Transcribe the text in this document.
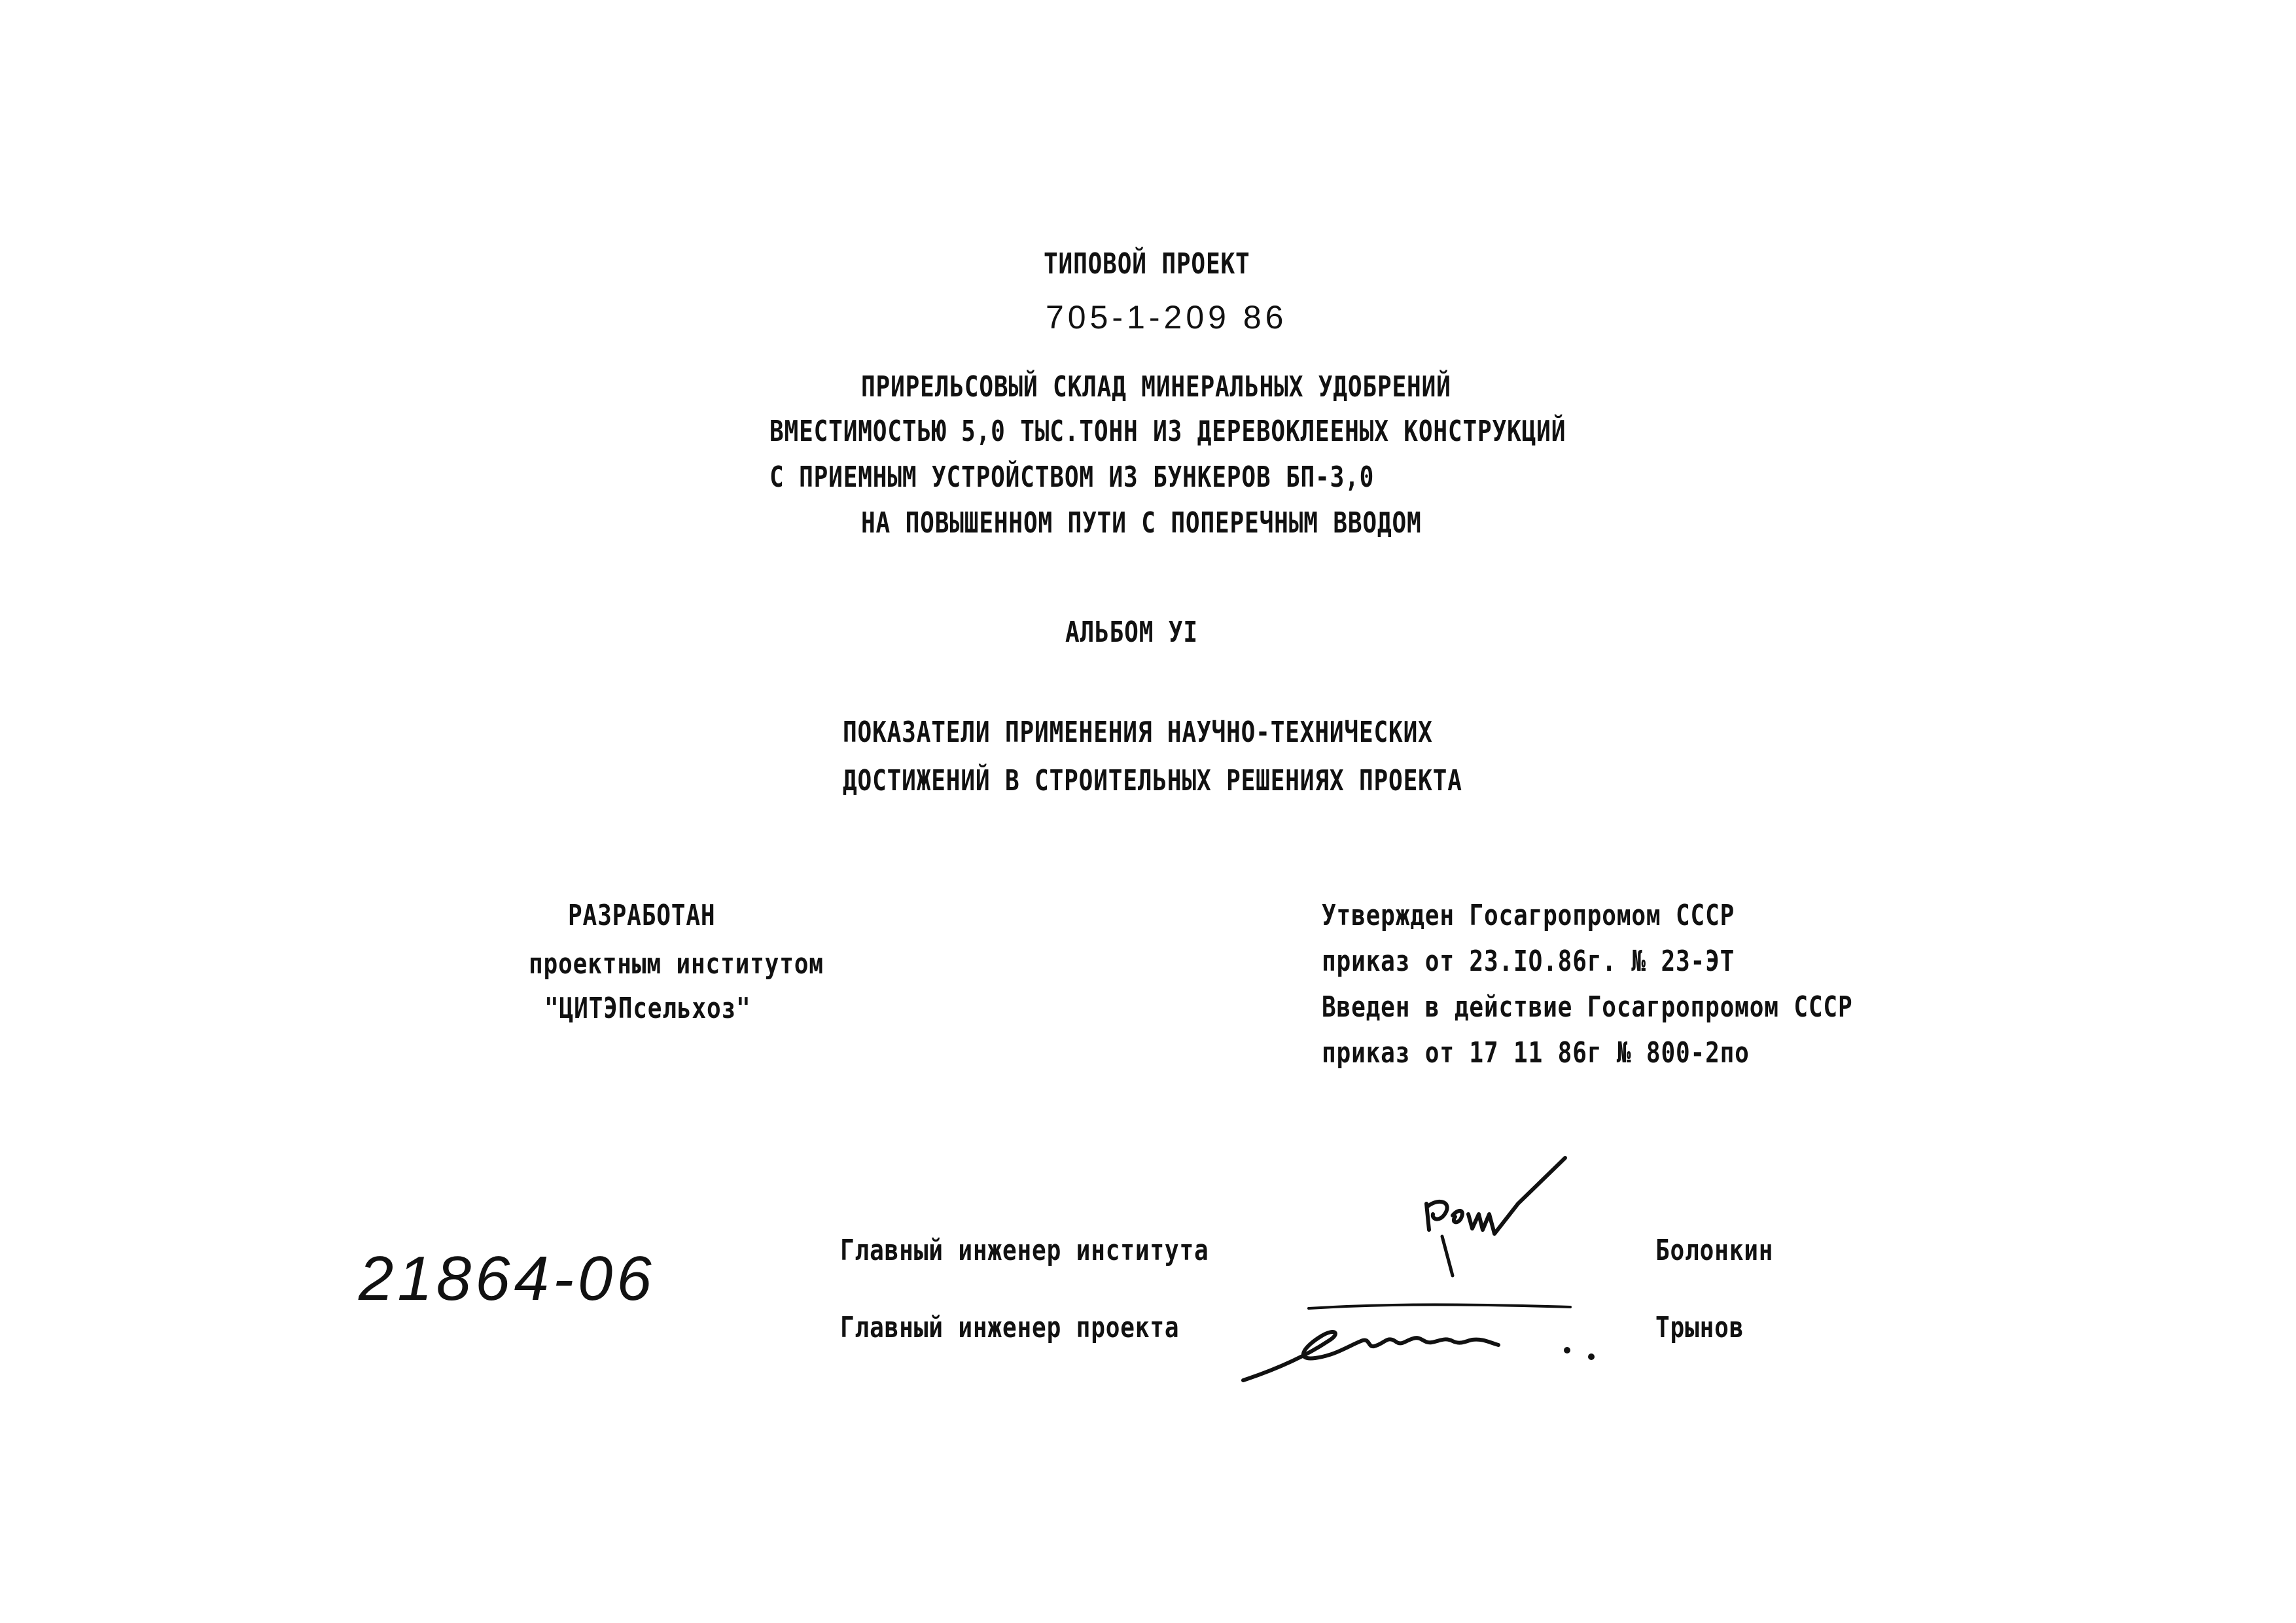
ТИПОВОЙ ПРОЕКТ
705-1-209 86
ПРИРЕЛЬСОВЫЙ СКЛАД МИНЕРАЛЬНЫХ УДОБРЕНИЙ
ВМЕСТИМОСТЬЮ 5,0 ТЫС.ТОНН ИЗ ДЕРЕВОКЛЕЕНЫХ КОНСТРУКЦИЙ
С ПРИЕМНЫМ УСТРОЙСТВОМ ИЗ БУНКЕРОВ БП-3,0
НА ПОВЫШЕННОМ ПУТИ С ПОПЕРЕЧНЫМ ВВОДОМ
АЛЬБОМ УI
ПОКАЗАТЕЛИ ПРИМЕНЕНИЯ НАУЧНО-ТЕХНИЧЕСКИХ
ДОСТИЖЕНИЙ В СТРОИТЕЛЬНЫХ РЕШЕНИЯХ ПРОЕКТА
РАЗРАБОТАН
проектным институтом
"ЦИТЭПсельхоз"
Утвержден Госагропромом СССР
приказ от 23.IO.86г. № 23-ЭТ
Введен в действие Госагропромом СССР
приказ от 17 11 86г № 800-2по
Главный инженер института	Болонкин
Главный инженер проекта	Трынов
21864-06
